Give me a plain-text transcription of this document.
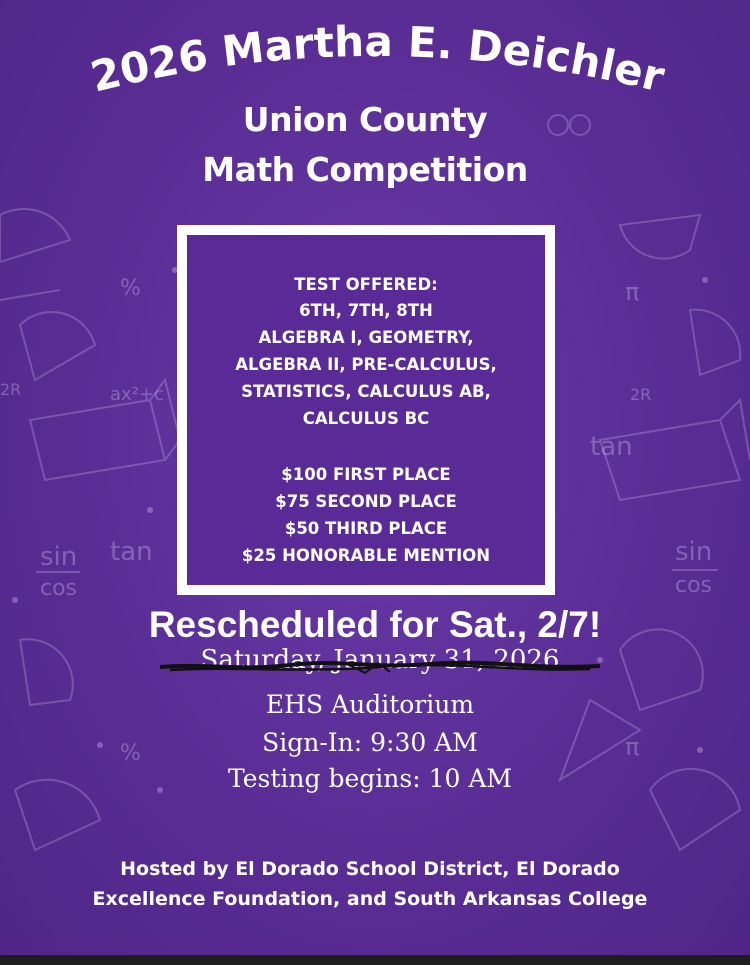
sin
cos
tan	sin
cos
tan
π
π
%
%
ax²+c
2R	2R
2026 Martha E. Deichler
Union County
Math Competition
TEST OFFERED:
6TH, 7TH, 8TH
ALGEBRA I, GEOMETRY,
ALGEBRA II, PRE-CALCULUS,
STATISTICS, CALCULUS AB,
CALCULUS BC
$100 FIRST PLACE
$75 SECOND PLACE
$50 THIRD PLACE
$25 HONORABLE MENTION
Rescheduled for Sat., 2/7!
Saturday, January 31, 2026
EHS Auditorium
Sign-In: 9:30 AM
Testing begins: 10 AM
Hosted by El Dorado School District, El Dorado
Excellence Foundation, and South Arkansas College
